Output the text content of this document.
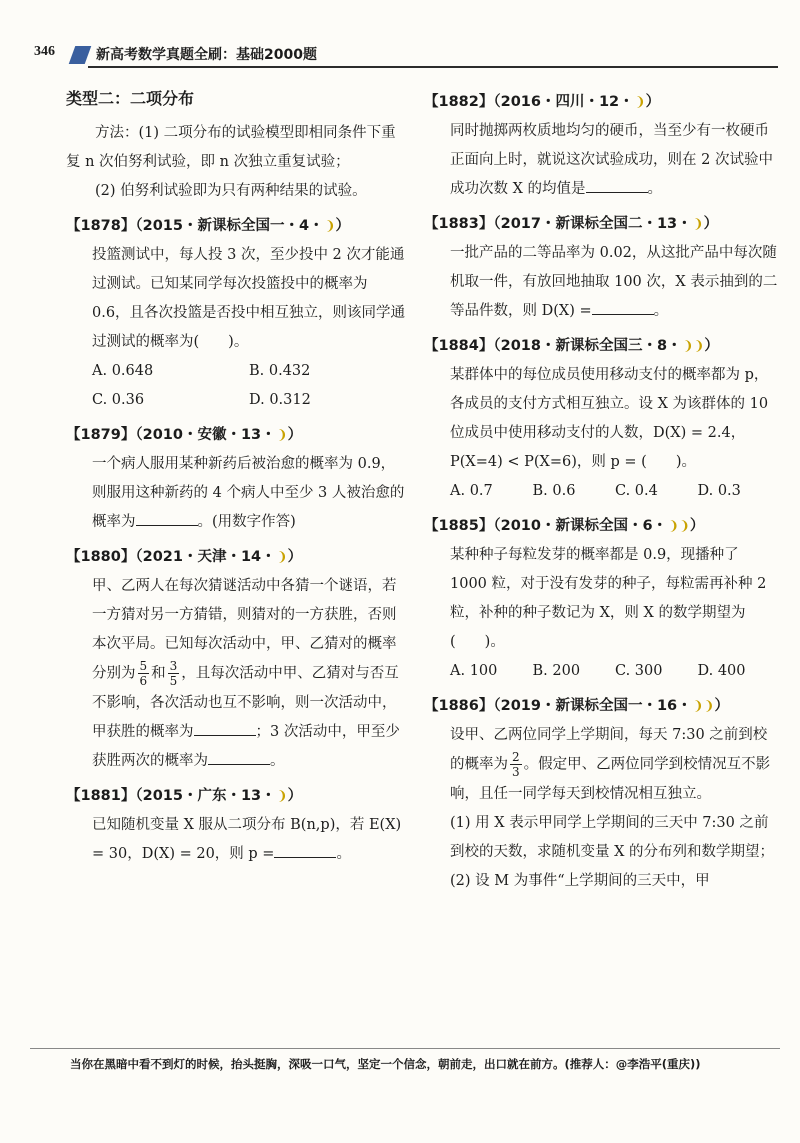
346	新高考数学真题全刷：基础2000题
类型二：二项分布
方法：(1) 二项分布的试验模型即相同条件下重复 n 次伯努利试验，即 n 次独立重复试验；
(2) 伯努利试验即为只有两种结果的试验。
【1878】（2015・新课标全国一・4・❩）
投篮测试中，每人投 3 次，至少投中 2 次才能通过测试。已知某同学每次投篮投中的概率为 0.6，且各次投篮是否投中相互独立，则该同学通过测试的概率为(　　)。
A. 0.648	B. 0.432
C. 0.36	D. 0.312
【1879】（2010・安徽・13・❩）
一个病人服用某种新药后被治愈的概率为 0.9，则服用这种新药的 4 个病人中至少 3 人被治愈的概率为	。(用数字作答)
【1880】（2021・天津・14・❩）
甲、乙两人在每次猜谜活动中各猜一个谜语，若一方猜对另一方猜错，则猜对的一方获胜，否则本次平局。已知每次活动中，甲、乙猜对的概率分别为 $\frac{5}{6}$ 和 $\frac{3}{5}$ ，且每次活动中甲、乙猜对与否互不影响，各次活动也互不影响，则一次活动中，甲获胜的概率为	；3 次活动中，甲至少获胜两次的概率为	。
【1881】（2015・广东・13・❩）
已知随机变量 X 服从二项分布 B(n,p)，若 E(X) = 30，D(X) = 20，则 p =	。
【1882】（2016・四川・12・❩）
同时抛掷两枚质地均匀的硬币，当至少有一枚硬币正面向上时，就说这次试验成功，则在 2 次试验中成功次数 X 的均值是	。
【1883】（2017・新课标全国二・13・❩）
一批产品的二等品率为 0.02，从这批产品中每次随机取一件，有放回地抽取 100 次，X 表示抽到的二等品件数，则 D(X) =	。
【1884】（2018・新课标全国三・8・❩❩）
某群体中的每位成员使用移动支付的概率都为 p，各成员的支付方式相互独立。设 X 为该群体的 10 位成员中使用移动支付的人数，D(X) = 2.4，P(X=4) < P(X=6)，则 p = (　　)。
A. 0.7	B. 0.6	C. 0.4	D. 0.3
【1885】（2010・新课标全国・6・❩❩）
某种种子每粒发芽的概率都是 0.9，现播种了 1000 粒，对于没有发芽的种子，每粒需再补种 2 粒，补种的种子数记为 X，则 X 的数学期望为(　　)。
A. 100	B. 200	C. 300	D. 400
【1886】（2019・新课标全国一・16・❩❩）
设甲、乙两位同学上学期间，每天 7:30 之前到校的概率为 $\frac{2}{3}$ 。假定甲、乙两位同学到校情况互不影响，且任一同学每天到校情况相互独立。
(1) 用 X 表示甲同学上学期间的三天中 7:30 之前到校的天数，求随机变量 X 的分布列和数学期望；
(2) 设 M 为事件“上学期间的三天中，甲
当你在黑暗中看不到灯的时候，抬头挺胸，深吸一口气，坚定一个信念，朝前走，出口就在前方。(推荐人：@李浩平(重庆))
